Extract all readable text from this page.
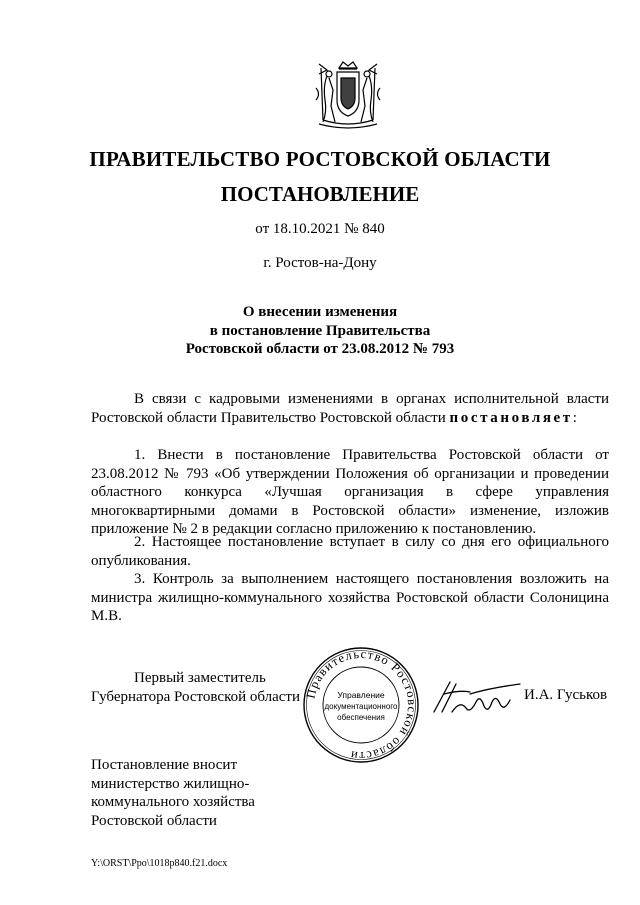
ПРАВИТЕЛЬСТВО РОСТОВСКОЙ ОБЛАСТИ
ПОСТАНОВЛЕНИЕ
от 18.10.2021 № 840
г. Ростов-на-Дону
О внесении изменения
в постановление Правительства
Ростовской области от 23.08.2012 № 793
В связи с кадровыми изменениями в органах исполнительной власти Ростовской области Правительство Ростовской области постановляет:
1. Внести в постановление Правительства Ростовской области от 23.08.2012 № 793 «Об утверждении Положения об организации и проведении областного конкурса «Лучшая организация в сфере управления многоквартирными домами в Ростовской области» изменение, изложив приложение № 2 в редакции согласно приложению к постановлению.
2. Настоящее постановление вступает в силу со дня его официального опубликования.
3. Контроль за выполнением настоящего постановления возложить на министра жилищно-коммунального хозяйства Ростовской области Солоницина М.В.
Первый заместитель
Губернатора Ростовской области Правительство Ростовской области
Управление
документационного
обеспечения
И.А. Гуськов
Постановление вносит
министерство жилищно-
коммунального хозяйства
Ростовской области
Y:\ORST\Ppo\1018p840.f21.docx
